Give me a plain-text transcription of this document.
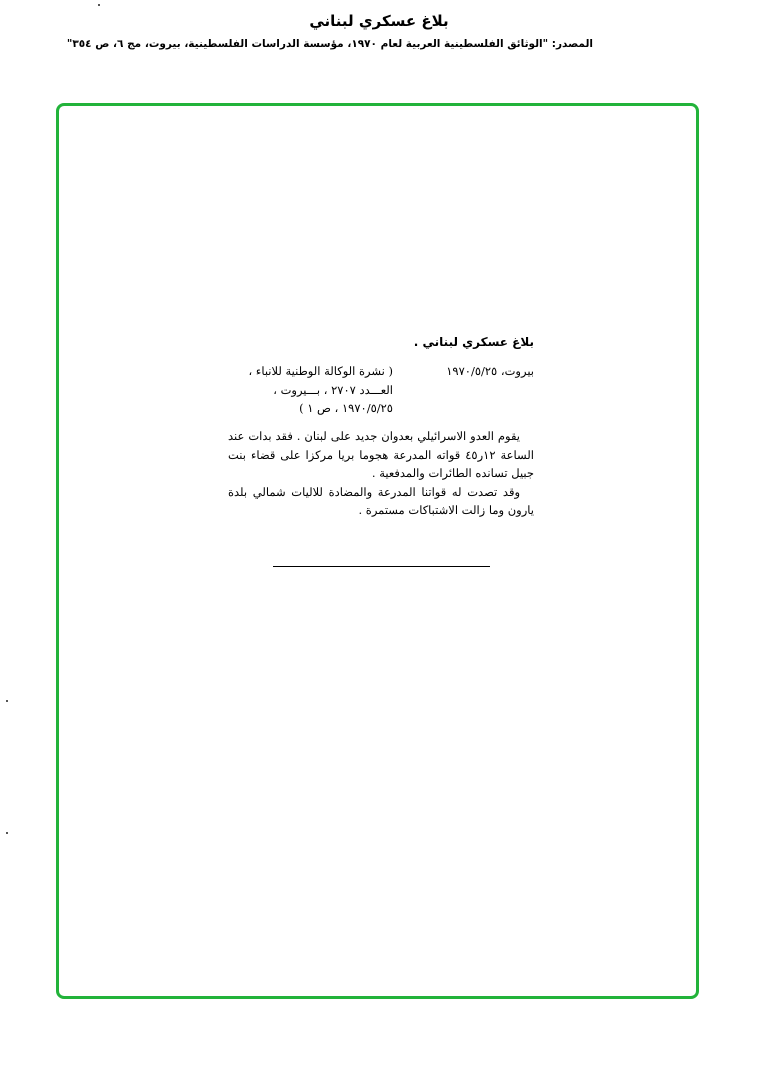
بلاغ عسكري لبناني
المصدر: "الوثائق الفلسطينية العربية لعام ١٩٧٠، مؤسسة الدراسات الفلسطينية، بيروت، مج ٦، ص ٣٥٤"
بلاغ عسكري لبناني .
بيروت، ١٩٧٠/٥/٢٥
( نشرة الوكالة الوطنية للانباء ،
العـــدد ٢٧٠٧ ، بـــيروت ،
١٩٧٠/٥/٢٥ ، ص ١ )

يقوم العدو الاسرائيلي بعدوان جديد على لبنان . فقد بدات عند الساعة ١٢ر٤٥ قواته المدرعة هجوما بريا مركزا على قضاء بنت جبيل تسانده الطائرات والمدفعية .

وقد تصدت له قواتنا المدرعة والمضادة للاليات شمالي بلدة يارون وما زالت الاشتباكات مستمرة .
